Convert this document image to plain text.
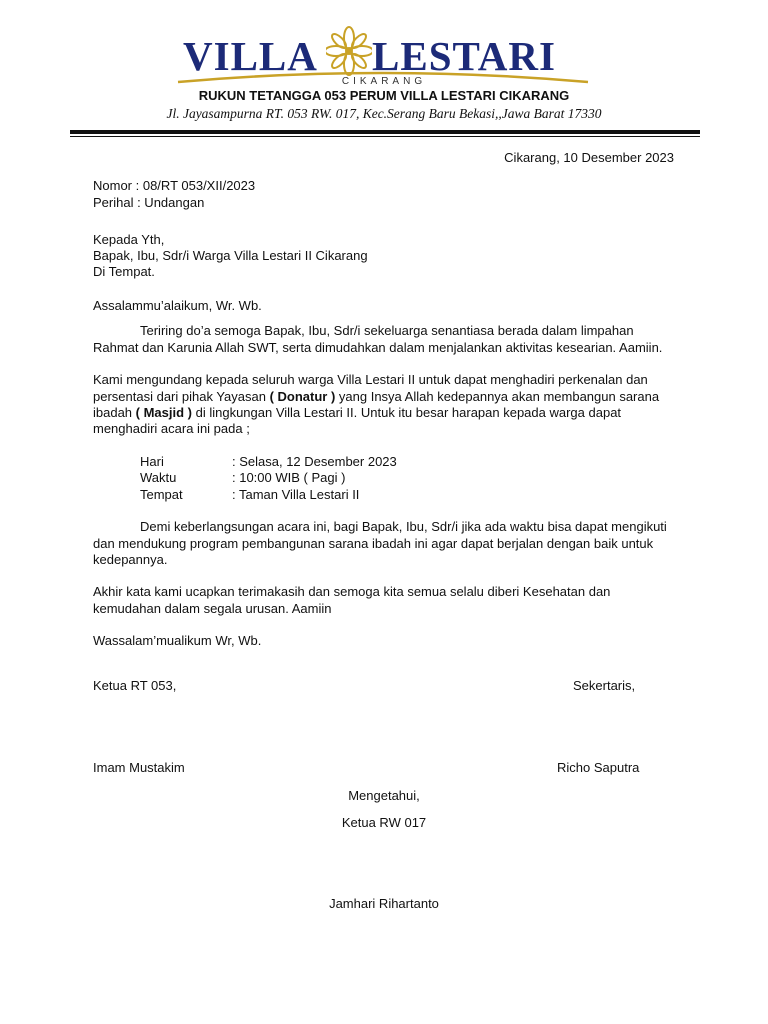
VILLA LESTARI
CIKARANG
RUKUN TETANGGA 053 PERUM VILLA LESTARI CIKARANG
Jl. Jayasampurna RT. 053 RW. 017, Kec.Serang Baru Bekasi,,Jawa Barat 17330
Cikarang, 10 Desember 2023
Nomor : 08/RT 053/XII/2023
Perihal : Undangan
Kepada Yth,
Bapak, Ibu, Sdr/i Warga Villa Lestari II Cikarang
Di Tempat.
Assalammu’alaikum, Wr. Wb.
Teriring do’a semoga Bapak, Ibu, Sdr/i sekeluarga senantiasa berada dalam limpahan
Rahmat dan Karunia Allah SWT, serta dimudahkan dalam menjalankan aktivitas kesearian. Aamiin.
Kami mengundang kepada seluruh warga Villa Lestari II untuk dapat menghadiri perkenalan dan
persentasi dari pihak Yayasan ( Donatur ) yang Insya Allah kedepannya akan membangun sarana
ibadah ( Masjid ) di lingkungan Villa Lestari II. Untuk itu besar harapan kepada warga dapat
menghadiri acara ini pada ;
Hari	: Selasa, 12 Desember 2023
Waktu	: 10:00 WIB ( Pagi )
Tempat	: Taman Villa Lestari II
Demi keberlangsungan acara ini, bagi Bapak, Ibu, Sdr/i jika ada waktu bisa dapat mengikuti
dan mendukung program pembangunan sarana ibadah ini agar dapat berjalan dengan baik untuk
kedepannya.
Akhir kata kami ucapkan terimakasih dan semoga kita semua selalu diberi Kesehatan dan
kemudahan dalam segala urusan. Aamiin
Wassalam’mualikum Wr, Wb.
Ketua RT 053,	Sekertaris,
Imam Mustakim	Richo Saputra
Mengetahui,
Ketua RW 017
Jamhari Rihartanto
